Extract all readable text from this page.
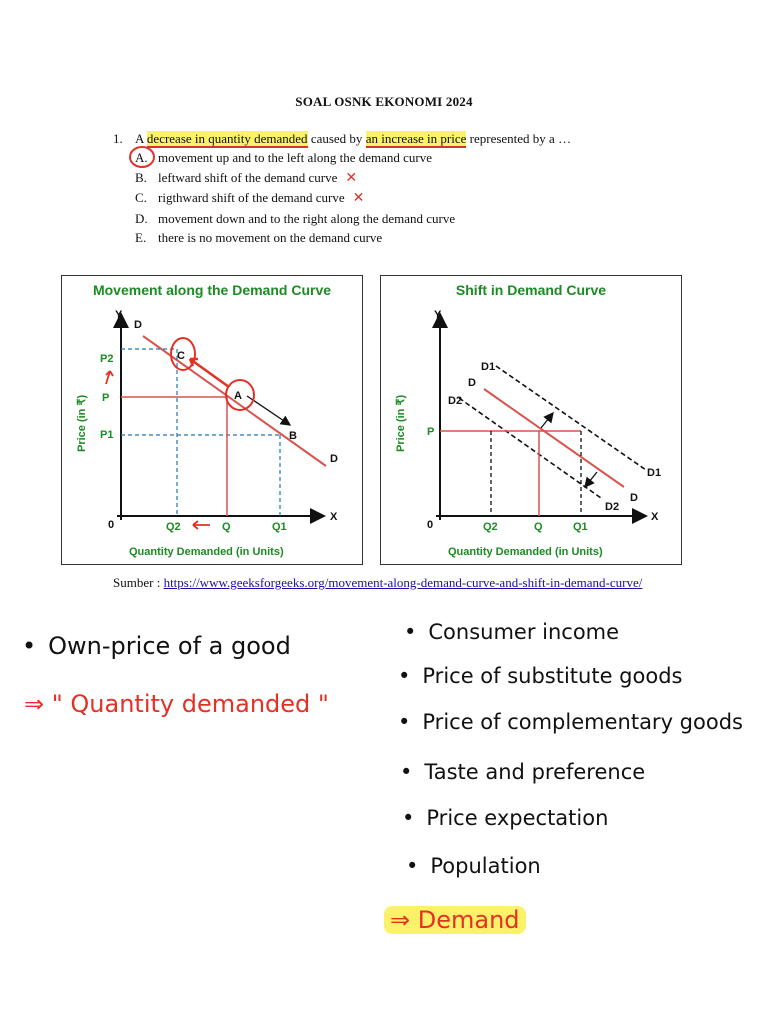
SOAL OSNK EKONOMI 2024
1. A decrease in quantity demanded caused by an increase in price represented by a …
A. movement up and to the left along the demand curve
B. leftward shift of the demand curve ✕
C. rigthward shift of the demand curve ✕
D. movement down and to the right along the demand curve
E. there is no movement on the demand curve
Movement along the Demand Curve
Y
X
0
P2
P
P1
Q2	Q	Q1
D
D
C
A
B
Price (in ₹)
Quantity Demanded (in Units)
Shift in Demand Curve
Y
X
0
P
Q2	Q	Q1
D1
D
D2
D1
D
D2
Price (in ₹)
Quantity Demanded (in Units)
Sumber : https://www.geeksforgeeks.org/movement-along-demand-curve-and-shift-in-demand-curve/
• Own-price of a good
⇒ " Quantity demanded "
• Consumer income
• Price of substitute goods
• Price of complementary goods
• Taste and preference
• Price expectation
• Population
⇒ Demand
